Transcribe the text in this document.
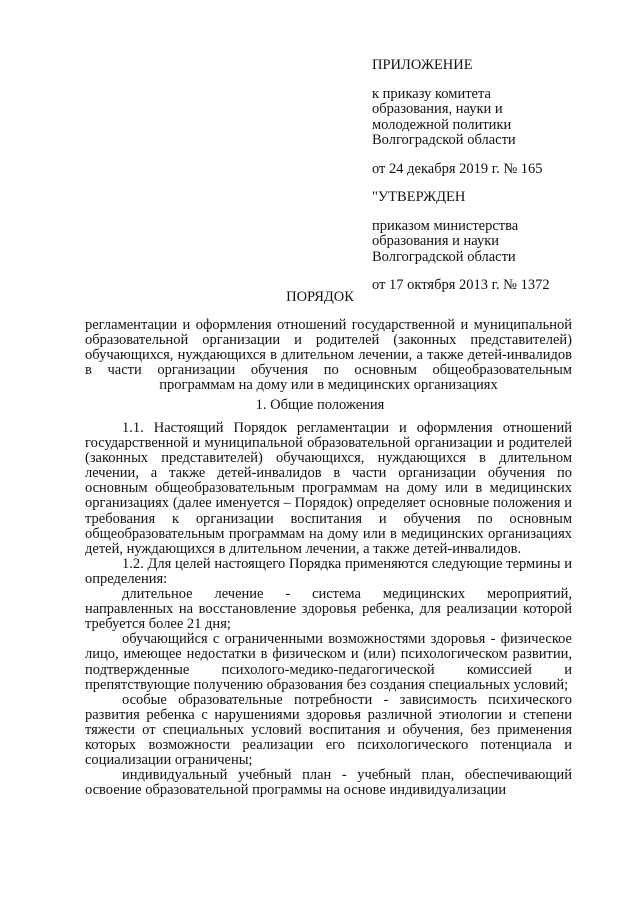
ПРИЛОЖЕНИЕ
к приказу комитета
образования, науки и
молодежной политики
Волгоградской области
от 24 декабря 2019 г. № 165
"УТВЕРЖДЕН
приказом министерства
образования и науки
Волгоградской области
от 17 октября 2013 г. № 1372
ПОРЯДОК
регламентации и оформления отношений государственной и муниципальной
образовательной организации и родителей (законных представителей)
обучающихся, нуждающихся в длительном лечении, а также детей-инвалидов
в части организации обучения по основным общеобразовательным
программам на дому или в медицинских организациях
1. Общие положения

1.1. Настоящий Порядок регламентации и оформления отношений государственной и муниципальной образовательной организации и родителей (законных представителей) обучающихся, нуждающихся в длительном лечении, а также детей-инвалидов в части организации обучения по основным общеобразовательным программам на дому или в медицинских организациях (далее именуется – Порядок) определяет основные положения и требования к организации воспитания и обучения по основным общеобразовательным программам на дому или в медицинских организациях детей, нуждающихся в длительном лечении, а также детей-инвалидов.

1.2. Для целей настоящего Порядка применяются следующие термины и определения:

длительное лечение - система медицинских мероприятий, направленных на восстановление здоровья ребенка, для реализации которой требуется более 21 дня;

обучающийся с ограниченными возможностями здоровья - физическое лицо, имеющее недостатки в физическом и (или) психологическом развитии, подтвержденные психолого-медико-педагогической комиссией и препятствующие получению образования без создания специальных условий;

особые образовательные потребности - зависимость психического развития ребенка с нарушениями здоровья различной этиологии и степени тяжести от специальных условий воспитания и обучения, без применения которых возможности реализации его психологического потенциала и социализации ограничены;

индивидуальный учебный план - учебный план, обеспечивающий освоение образовательной программы на основе индивидуализации
